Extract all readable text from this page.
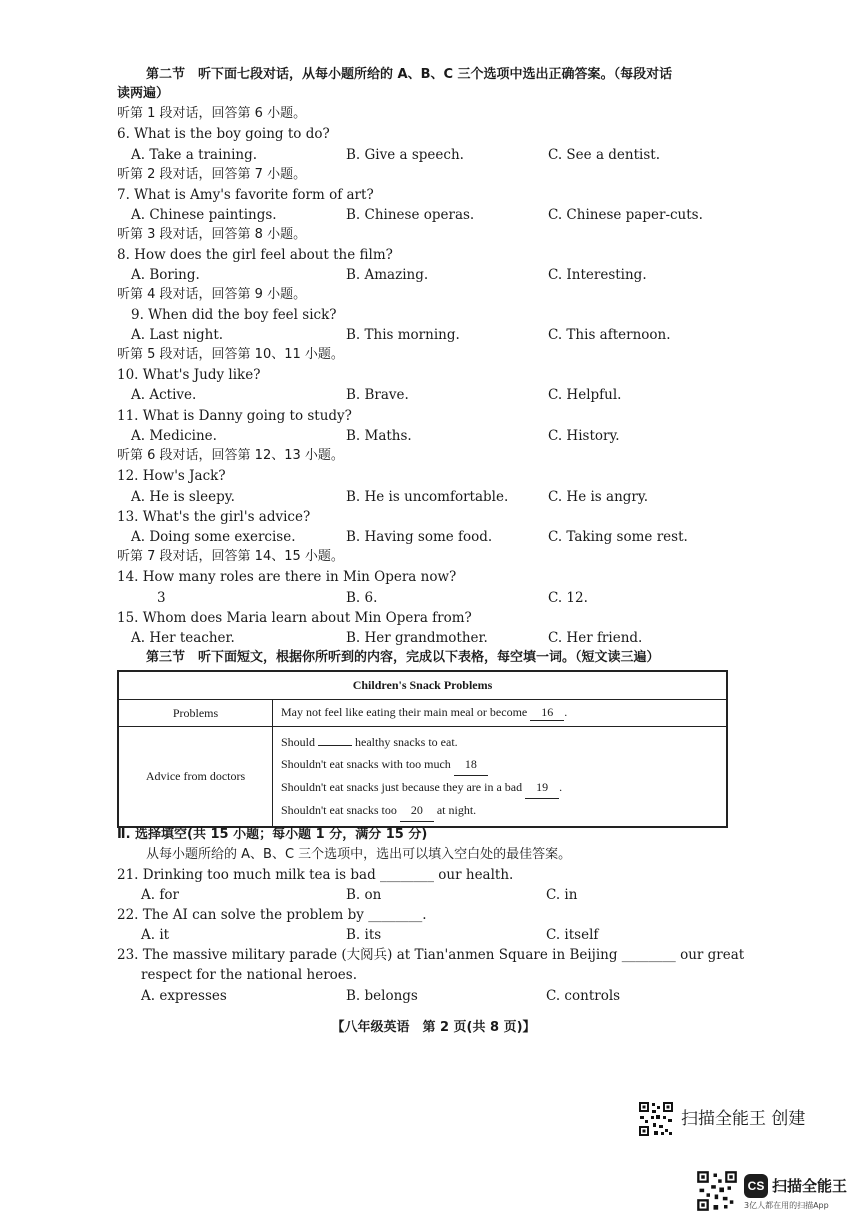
第二节　听下面七段对话，从每小题所给的 A、B、C 三个选项中选出正确答案。（每段对话
读两遍）
听第 1 段对话，回答第 6 小题。
6. What is the boy going to do?
A. Take a training.	B. Give a speech.	C. See a dentist.
听第 2 段对话，回答第 7 小题。
7. What is Amy's favorite form of art?
A. Chinese paintings.	B. Chinese operas.	C. Chinese paper-cuts.
听第 3 段对话，回答第 8 小题。
8. How does the girl feel about the film?
A. Boring.	B. Amazing.	C. Interesting.
听第 4 段对话，回答第 9 小题。
9. When did the boy feel sick?
A. Last night.	B. This morning.	C. This afternoon.
听第 5 段对话，回答第 10、11 小题。
10. What's Judy like?
A. Active.	B. Brave.	C. Helpful.
11. What is Danny going to study?
A. Medicine.	B. Maths.	C. History.
听第 6 段对话，回答第 12、13 小题。
12. How's Jack?
A. He is sleepy.	B. He is uncomfortable.	C. He is angry.
13. What's the girl's advice?
A. Doing some exercise.	B. Having some food.	C. Taking some rest.
听第 7 段对话，回答第 14、15 小题。
14. How many roles are there in Min Opera now?
3	B. 6.	C. 12.
15. Whom does Maria learn about Min Opera from?
A. Her teacher.	B. Her grandmother.	C. Her friend.
第三节　听下面短文，根据你所听到的内容，完成以下表格，每空填一词。（短文读三遍）
Children's Snack Problems	
Problems	May not feel like eating their main meal or become 16 .
Advice from doctors	Should healthy snacks to eat.
Shouldn't eat snacks with too much 18
Shouldn't eat snacks just because they are in a bad 19 .
Shouldn't eat snacks too 20 at night.
Ⅱ. 选择填空(共 15 小题；每小题 1 分，满分 15 分)
从每小题所给的 A、B、C 三个选项中，选出可以填入空白处的最佳答案。
21. Drinking too much milk tea is bad ________ our health.
A. for	B. on	C. in
22. The AI can solve the problem by ________.
A. it	B. its	C. itself
23. The massive military parade (大阅兵) at Tian'anmen Square in Beijing ________ our great
respect for the national heroes.
A. expresses	B. belongs	C. controls
【八年级英语　第 2 页(共 8 页)】
扫描全能王 创建
CS 扫描全能王
3亿人都在用的扫描App
